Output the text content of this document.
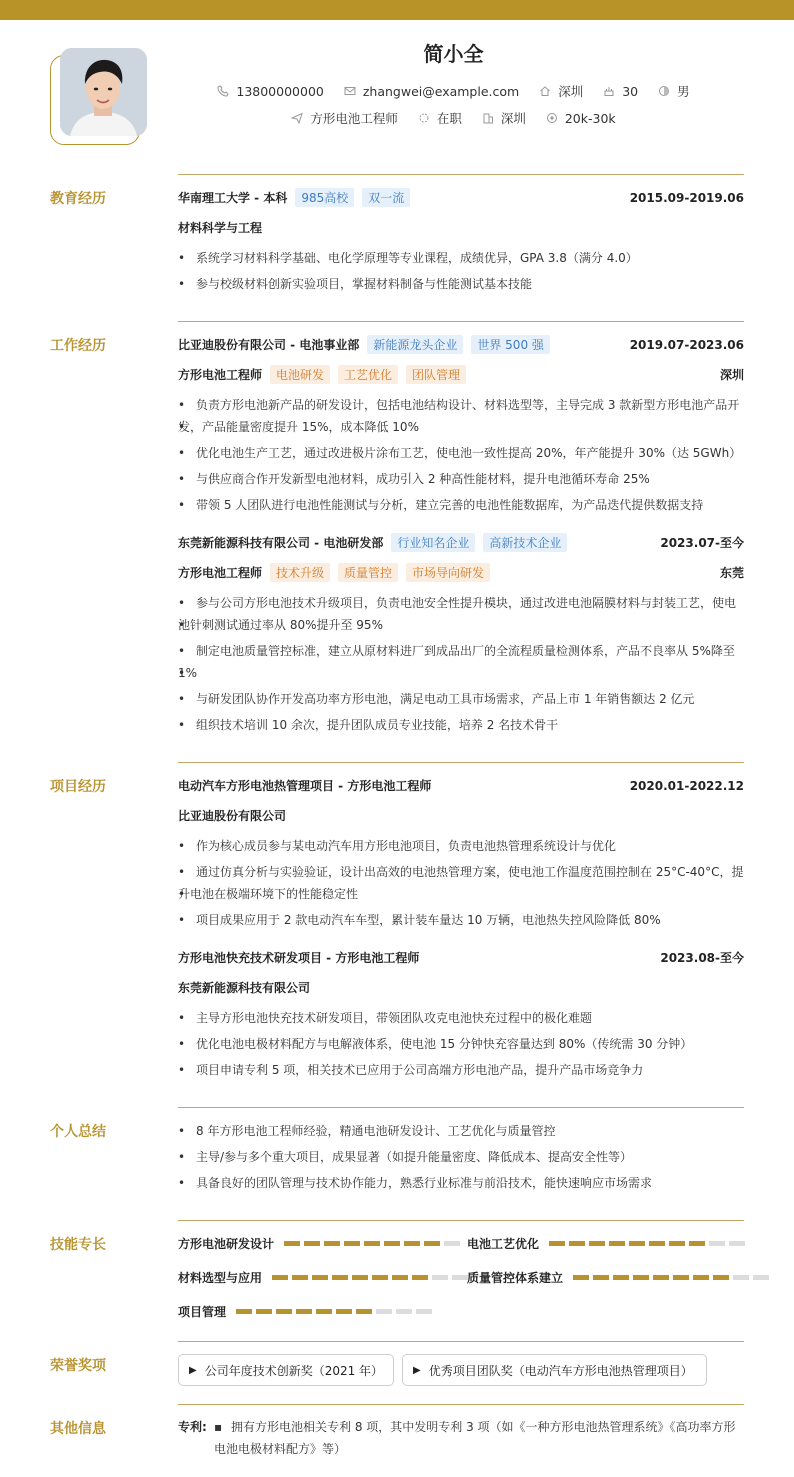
简小全
13800000000
	zhangwei@example.com
	深圳
	30
	男
方形电池工程师
	在职
	深圳
	20k-30k
教育经历	华南理工大学 - 本科	985高校	双一流	2015.09-2019.06
材料科学与工程
• 系统学习材料科学基础、电化学原理等专业课程，成绩优异，GPA 3.8（满分 4.0）
• 参与校级材料创新实验项目，掌握材料制备与性能测试基本技能
工作经历	比亚迪股份有限公司 - 电池事业部	新能源龙头企业	世界 500 强	2019.07-2023.06
方形电池工程师	电池研发	工艺优化	团队管理	深圳
• 负责方形电池新产品的研发设计，包括电池结构设计、材料选型等，主导完成 3 款新型方形电池产品开
• 发，产品能量密度提升 15%，成本降低 10%
• 优化电池生产工艺，通过改进极片涂布工艺，使电池一致性提高 20%，年产能提升 30%（达 5GWh）
• 与供应商合作开发新型电池材料，成功引入 2 种高性能材料，提升电池循环寿命 25%
• 带领 5 人团队进行电池性能测试与分析，建立完善的电池性能数据库，为产品迭代提供数据支持
东莞新能源科技有限公司 - 电池研发部	行业知名企业	高新技术企业	2023.07-至今
方形电池工程师	技术升级	质量管控	市场导向研发	东莞
• 参与公司方形电池技术升级项目，负责电池安全性提升模块，通过改进电池隔膜材料与封装工艺，使电
• 池针刺测试通过率从 80%提升至 95%
• 制定电池质量管控标准，建立从原材料进厂到成品出厂的全流程质量检测体系，产品不良率从 5%降至
• 1%
• 与研发团队协作开发高功率方形电池，满足电动工具市场需求，产品上市 1 年销售额达 2 亿元
• 组织技术培训 10 余次，提升团队成员专业技能，培养 2 名技术骨干
项目经历	电动汽车方形电池热管理项目 - 方形电池工程师	2020.01-2022.12
比亚迪股份有限公司
• 作为核心成员参与某电动汽车用方形电池项目，负责电池热管理系统设计与优化
• 通过仿真分析与实验验证，设计出高效的电池热管理方案，使电池工作温度范围控制在 25°C-40°C，提
• 升电池在极端环境下的性能稳定性
• 项目成果应用于 2 款电动汽车车型，累计装车量达 10 万辆，电池热失控风险降低 80%
方形电池快充技术研发项目 - 方形电池工程师	2023.08-至今
东莞新能源科技有限公司
• 主导方形电池快充技术研发项目，带领团队攻克电池快充过程中的极化难题
• 优化电池电极材料配方与电解液体系，使电池 15 分钟快充容量达到 80%（传统需 30 分钟）
• 项目申请专利 5 项，相关技术已应用于公司高端方形电池产品，提升产品市场竞争力
个人总结
•	8 年方形电池工程师经验，精通电池研发设计、工艺优化与质量管控
• 主导/参与多个重大项目，成果显著（如提升能量密度、降低成本、提高安全性等）
• 具备良好的团队管理与技术协作能力，熟悉行业标准与前沿技术，能快速响应市场需求
技能专长	方形电池研发设计	电池工艺优化
材料选型与应用	质量管控体系建立
项目管理
荣誉奖项	▶ 公司年度技术创新奖（2021 年）	▶ 优秀项目团队奖（电动汽车方形电池热管理项目）
其他信息	专利: ▪ 拥有方形电池相关专利 8 项，其中发明专利 3 项（如《一种方形电池热管理系统》《高功率方形
电池电极材料配方》等）
